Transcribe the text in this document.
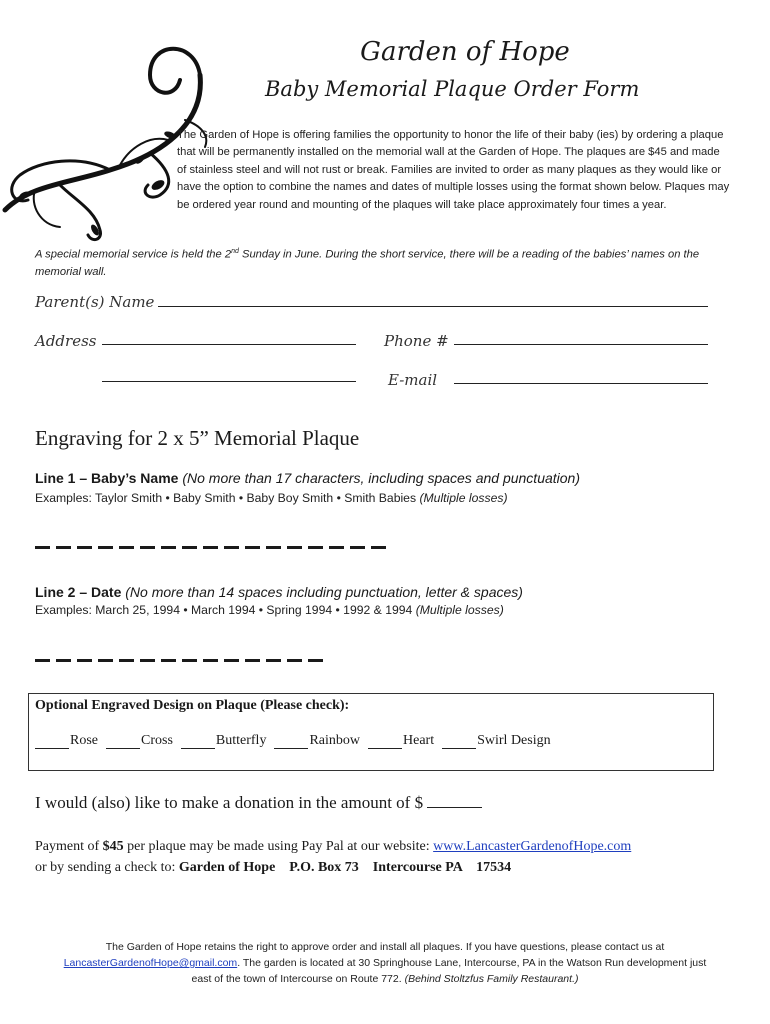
Garden of Hope
Baby Memorial Plaque Order Form
The Garden of Hope is offering families the opportunity to honor the life of their baby (ies) by ordering a plaque that will be permanently installed on the memorial wall at the Garden of Hope. The plaques are $45 and made of stainless steel and will not rust or break. Families are invited to order as many plaques as they would like or have the option to combine the names and dates of multiple losses using the format shown below. Plaques may be ordered year round and mounting of the plaques will take place approximately four times a year.
A special memorial service is held the 2nd Sunday in June. During the short service, there will be a reading of the babies’ names on the memorial wall.
Parent(s) Name
Address	Phone #
E-mail
Engraving for 2 x 5” Memorial Plaque
Line 1 – Baby’s Name (No more than 17 characters, including spaces and punctuation)
Examples: Taylor Smith • Baby Smith • Baby Boy Smith • Smith Babies (Multiple losses)
Line 2 – Date (No more than 14 spaces including punctuation, letter & spaces)
Examples: March 25, 1994 • March 1994 • Spring 1994 • 1992 & 1994 (Multiple losses)
Optional Engraved Design on Plaque (Please check):
Rose	Cross	Butterfly	Rainbow	Heart	Swirl Design
I would (also) like to make a donation in the amount of $
Payment of $45 per plaque may be made using Pay Pal at our website: www.LancasterGardenofHope.com
or by sending a check to: Garden of Hope    P.O. Box 73    Intercourse PA    17534
The Garden of Hope retains the right to approve order and install all plaques. If you have questions, please contact us at LancasterGardenofHope@gmail.com. The garden is located at 30 Springhouse Lane, Intercourse, PA in the Watson Run development just east of the town of Intercourse on Route 772. (Behind Stoltzfus Family Restaurant.)
